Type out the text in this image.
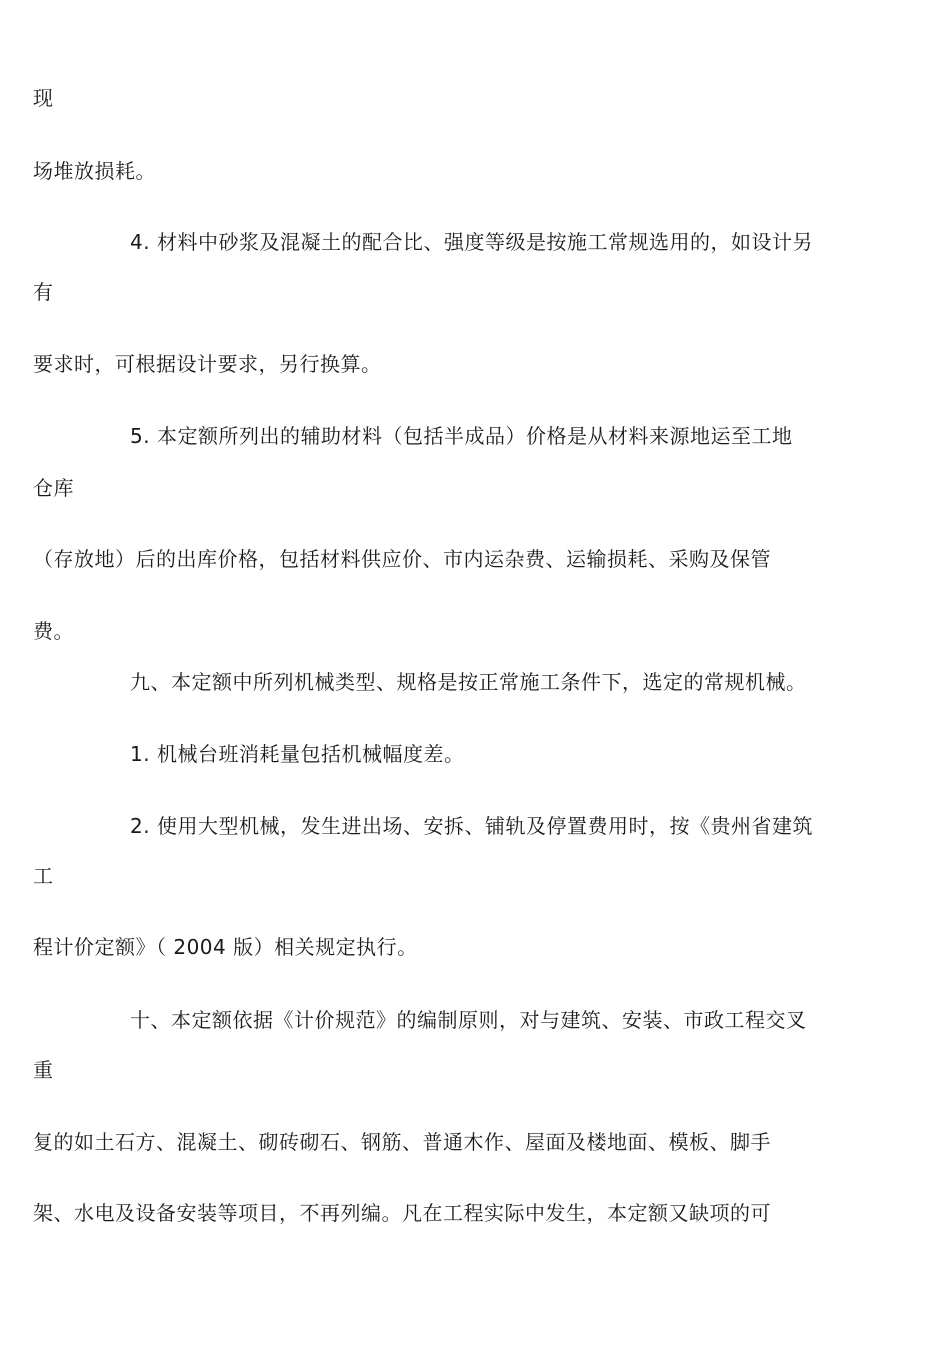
现
场堆放损耗。
4. 材料中砂浆及混凝土的配合比、强度等级是按施工常规选用的，如设计另
有
要求时，可根据设计要求，另行换算。
5. 本定额所列出的辅助材料（包括半成品）价格是从材料来源地运至工地
仓库
（存放地）后的出库价格，包括材料供应价、市内运杂费、运输损耗、采购及保管
费。
九、本定额中所列机械类型、规格是按正常施工条件下，选定的常规机械。
1. 机械台班消耗量包括机械幅度差。
2. 使用大型机械，发生进出场、安拆、铺轨及停置费用时，按《贵州省建筑
工
程计价定额》（ 2004 版）相关规定执行。
十、本定额依据《计价规范》的编制原则，对与建筑、安装、市政工程交叉
重
复的如土石方、混凝土、砌砖砌石、钢筋、普通木作、屋面及楼地面、模板、脚手
架、水电及设备安装等项目，不再列编。凡在工程实际中发生，本定额又缺项的可
